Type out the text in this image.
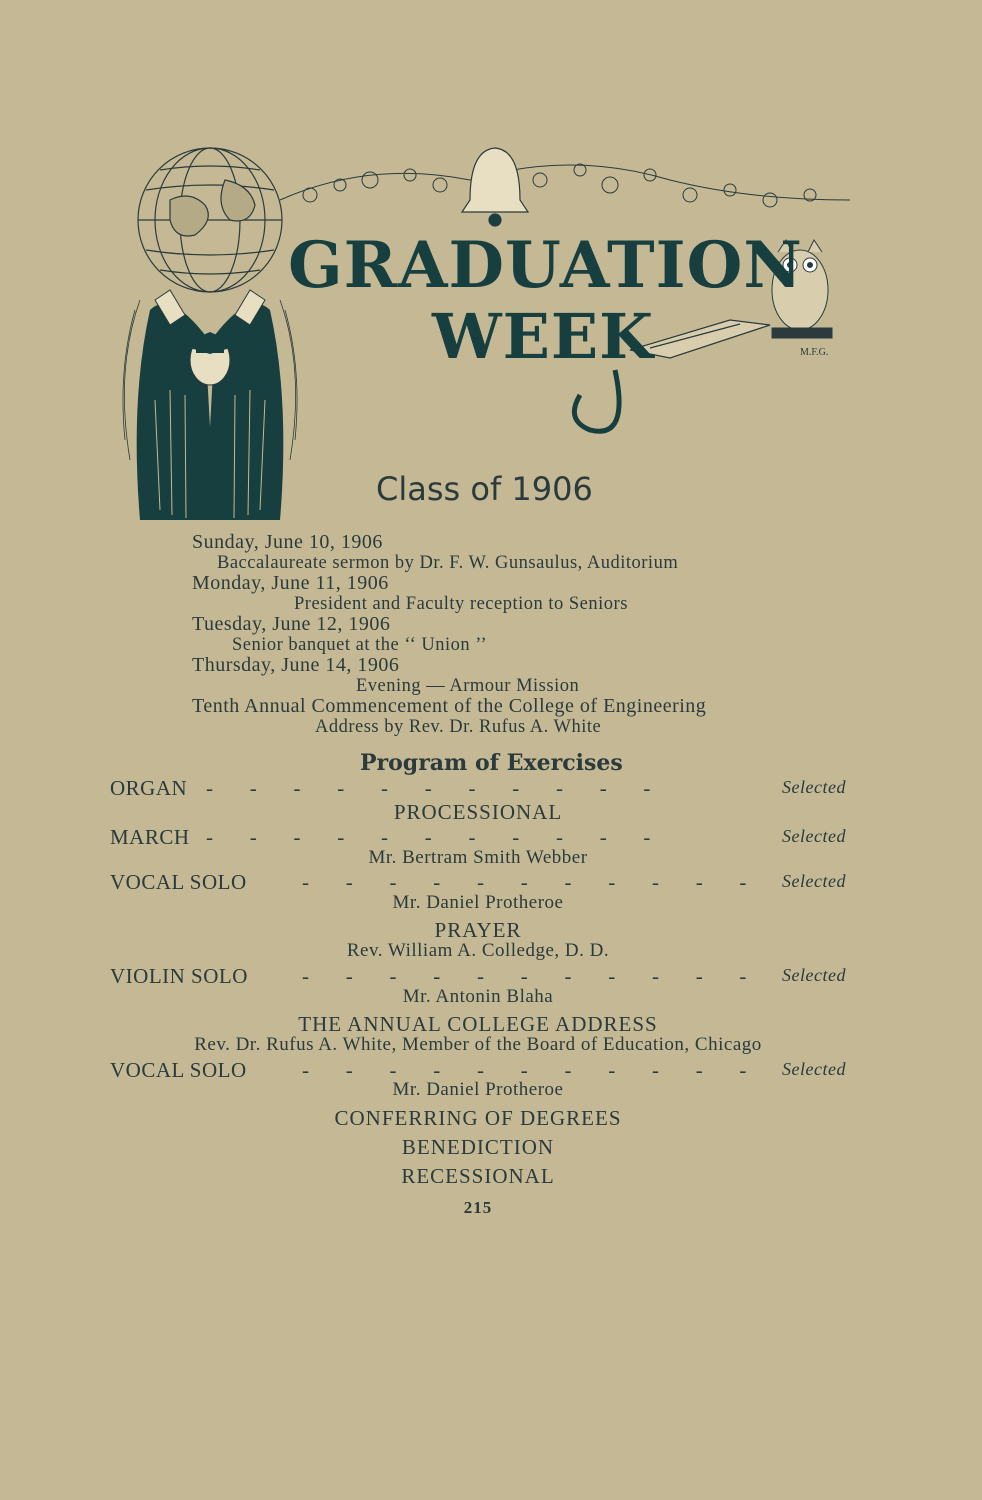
M.F.G.
GRADUATION
WEEK
Class of 1906
Sunday, June 10, 1906
Baccalaureate sermon by Dr. F. W. Gunsaulus, Auditorium
Monday, June 11, 1906
President and Faculty reception to Seniors
Tuesday, June 12, 1906
Senior banquet at the ‘‘ Union ’’
Thursday, June 14, 1906
Evening — Armour Mission
Tenth Annual Commencement of the College of Engineering
Address by Rev. Dr. Rufus A. White
Program of Exercises
ORGAN -       -       -       -       -       -       -       -       -       -       -	Selected
PROCESSIONAL
MARCH -       -       -       -       -       -       -       -       -       -       -	Selected
Mr. Bertram Smith Webber
VOCAL SOLO	-       -       -       -       -       -       -       -       -       -       - Selected
Mr. Daniel Protheroe
PRAYER
Rev. William A. Colledge, D. D.
VIOLIN SOLO	-       -       -       -       -       -       -       -       -       -       - Selected
Mr. Antonin Blaha
THE ANNUAL COLLEGE ADDRESS
Rev. Dr. Rufus A. White, Member of the Board of Education, Chicago
VOCAL SOLO	-       -       -       -       -       -       -       -       -       -       - Selected
Mr. Daniel Protheroe
CONFERRING OF DEGREES
BENEDICTION
RECESSIONAL
215
